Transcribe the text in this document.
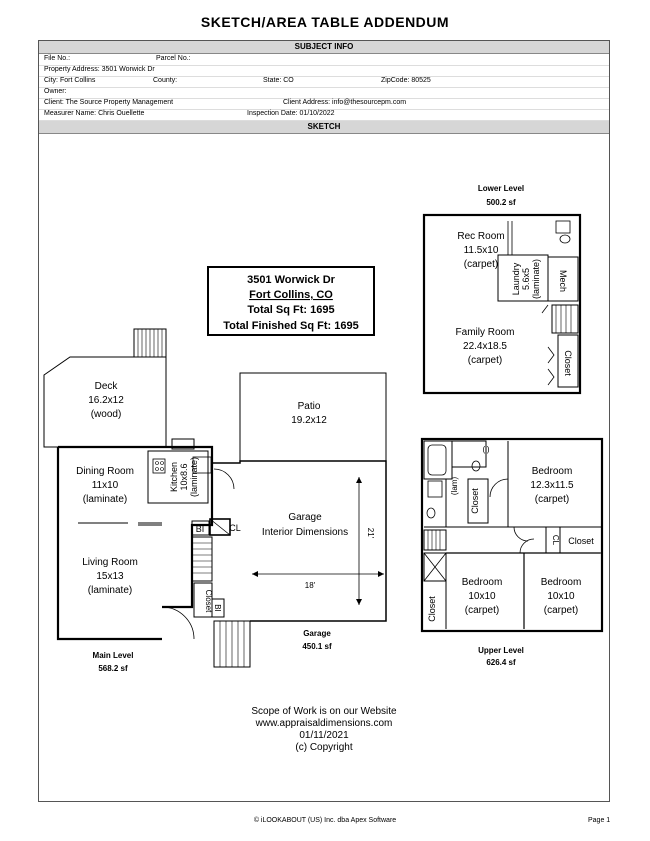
SKETCH/AREA TABLE ADDENDUM
SUBJECT INFO
File No.:	Parcel No.:
Property Address: 3501 Worwick Dr
City: Fort Collins	County:	State: CO	ZipCode: 80525
Owner:
Client: The Source Property Management	Client Address: info@thesourcepm.com
Measurer Name: Chris Ouellette	Inspection Date: 01/10/2022
SKETCH
3501 Worwick Dr
Fort Collins, CO
Total Sq Ft: 1695
Total Finished Sq Ft: 1695
Deck
16.2x12
(wood)
Patio
19.2x12
Dining Room
11x10
(laminate)
Kitchen 10x8.6 (laminate)
Living Room
15x13
(laminate)
BI	CL
Closet BI
Garage
Interior Dimensions 21'
18'
Garage
450.1 sf
Main Level
568.2 sf
Lower Level
500.2 sf
Rec Room
11.5x10
(carpet) Laundry 5.6x5 (laminate) Mech
Family Room
22.4x18.5
(carpet)	Closet
Bedroom
12.3x11.5
(carpet)
Bedroom
10x10
(carpet)
Bedroom
10x10
(carpet)
Closet
Closet
Closet
CL
(lam)
(l)
Upper Level
626.4 sf
Scope of Work is on our Website
www.appraisaldimensions.com
01/11/2021
(c) Copyright
© iLOOKABOUT (US) Inc. dba Apex Software	Page 1
